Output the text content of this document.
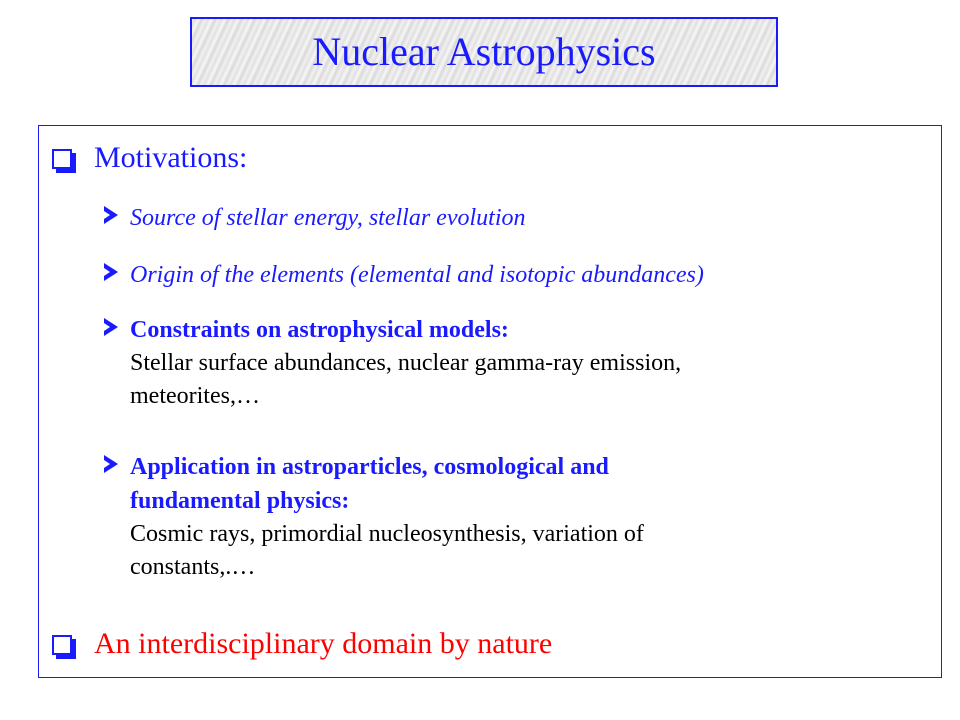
Nuclear Astrophysics
Motivations:
Source of stellar energy, stellar evolution
Origin of the elements (elemental and isotopic abundances)
Constraints on astrophysical models:
Stellar surface abundances, nuclear gamma-ray emission,
meteorites,…
Application in astroparticles, cosmological and
fundamental physics:
Cosmic rays, primordial nucleosynthesis, variation of
constants,.…
An interdisciplinary domain by nature
